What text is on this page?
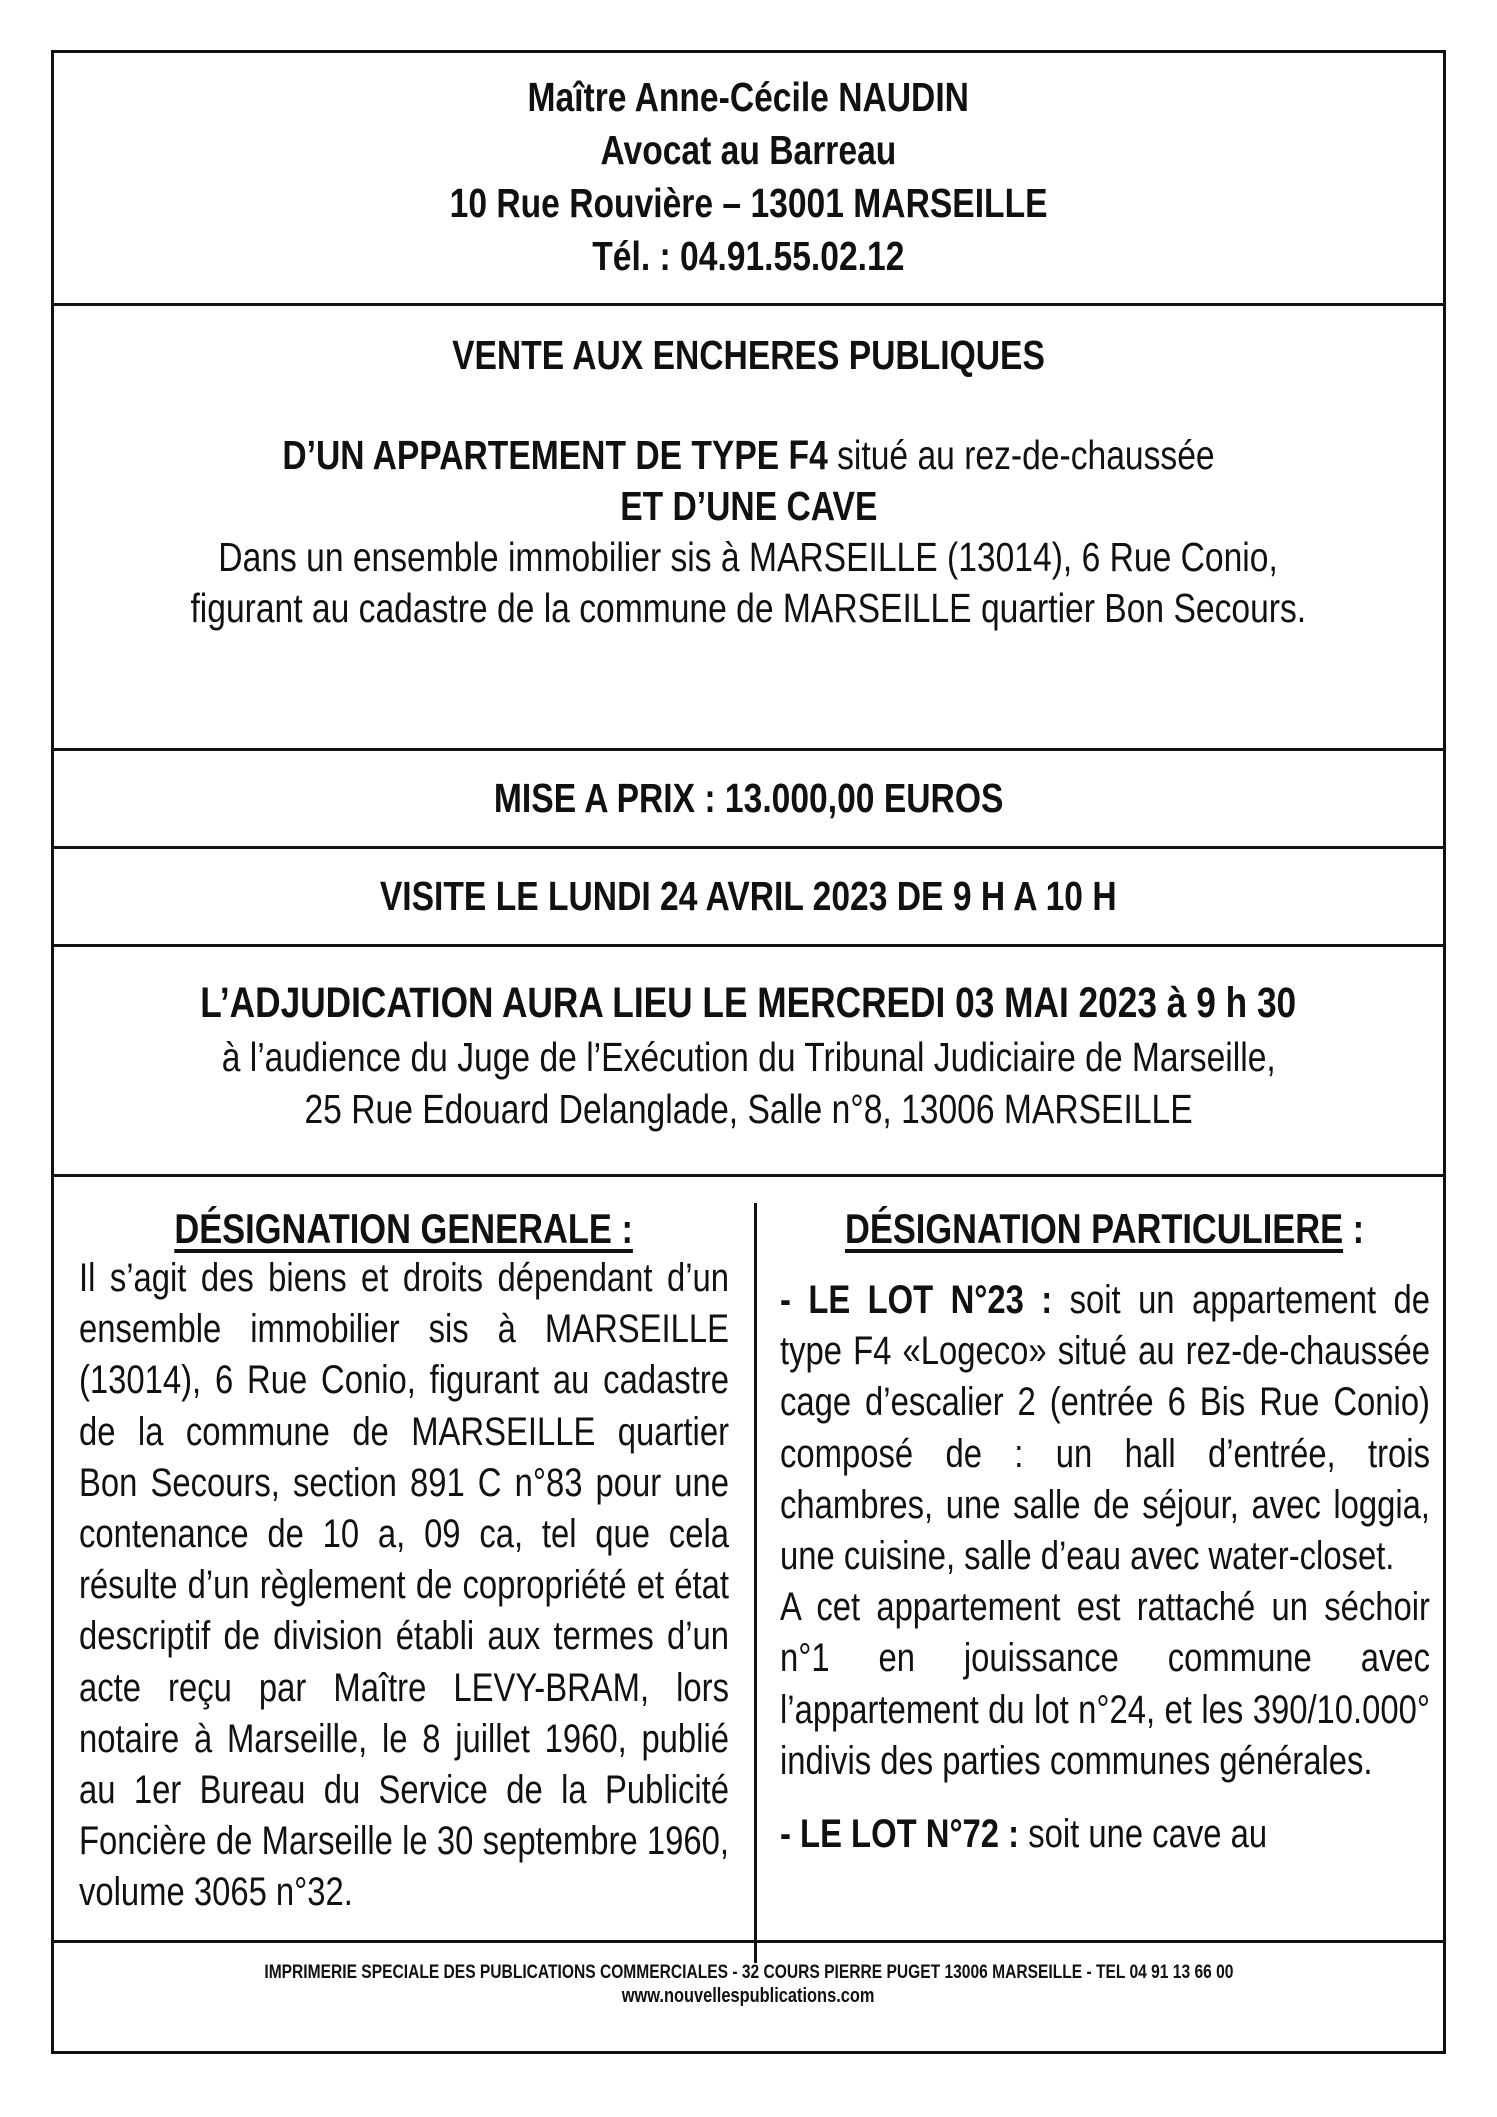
Maître Anne-Cécile NAUDIN
Avocat au Barreau
10 Rue Rouvière – 13001 MARSEILLE
Tél. : 04.91.55.02.12
VENTE AUX ENCHERES PUBLIQUES
D’UN APPARTEMENT DE TYPE F4 situé au rez-de-chaussée
ET D’UNE CAVE
Dans un ensemble immobilier sis à MARSEILLE (13014), 6 Rue Conio,
figurant au cadastre de la commune de MARSEILLE quartier Bon Secours.
MISE A PRIX : 13.000,00 EUROS
VISITE LE LUNDI 24 AVRIL 2023 DE 9 H A 10 H
L’ADJUDICATION AURA LIEU LE MERCREDI 03 MAI 2023 à 9 h 30
à l’audience du Juge de l’Exécution du Tribunal Judiciaire de Marseille,
25 Rue Edouard Delanglade, Salle n°8, 13006 MARSEILLE
DÉSIGNATION GENERALE :

Il s’agit des biens et droits dépendant d’un ensemble immobilier sis à MARSEILLE (13014), 6 Rue Conio, figurant au cadastre de la commune de MARSEILLE quartier Bon Secours, section 891 C n°83 pour une contenance de 10 a, 09 ca, tel que cela résulte d’un règlement de copropriété et état descriptif de division établi aux termes d’un acte reçu par Maître LEVY-BRAM, lors notaire à Marseille, le 8 juillet 1960, publié au 1er Bureau du Service de la Publicité Foncière de Marseille le 30 septembre 1960, volume 3065 n°32.

DÉSIGNATION PARTICULIERE :

- LE LOT N°23 : soit un appartement de type F4 «Logeco» situé au rez-de-chaussée cage d’escalier 2 (entrée 6 Bis Rue Conio) composé de : un hall d’entrée, trois chambres, une salle de séjour, avec loggia, une cuisine, salle d’eau avec water-closet.

A cet appartement est rattaché un séchoir n°1 en jouissance commune avec l’appartement du lot n°24, et les 390/10.000° indivis des parties communes générales.

- LE LOT N°72 : soit une cave au

IMPRIMERIE SPECIALE DES PUBLICATIONS COMMERCIALES - 32 COURS PIERRE PUGET 13006 MARSEILLE - TEL 04 91 13 66 00
www.nouvellespublications.com
